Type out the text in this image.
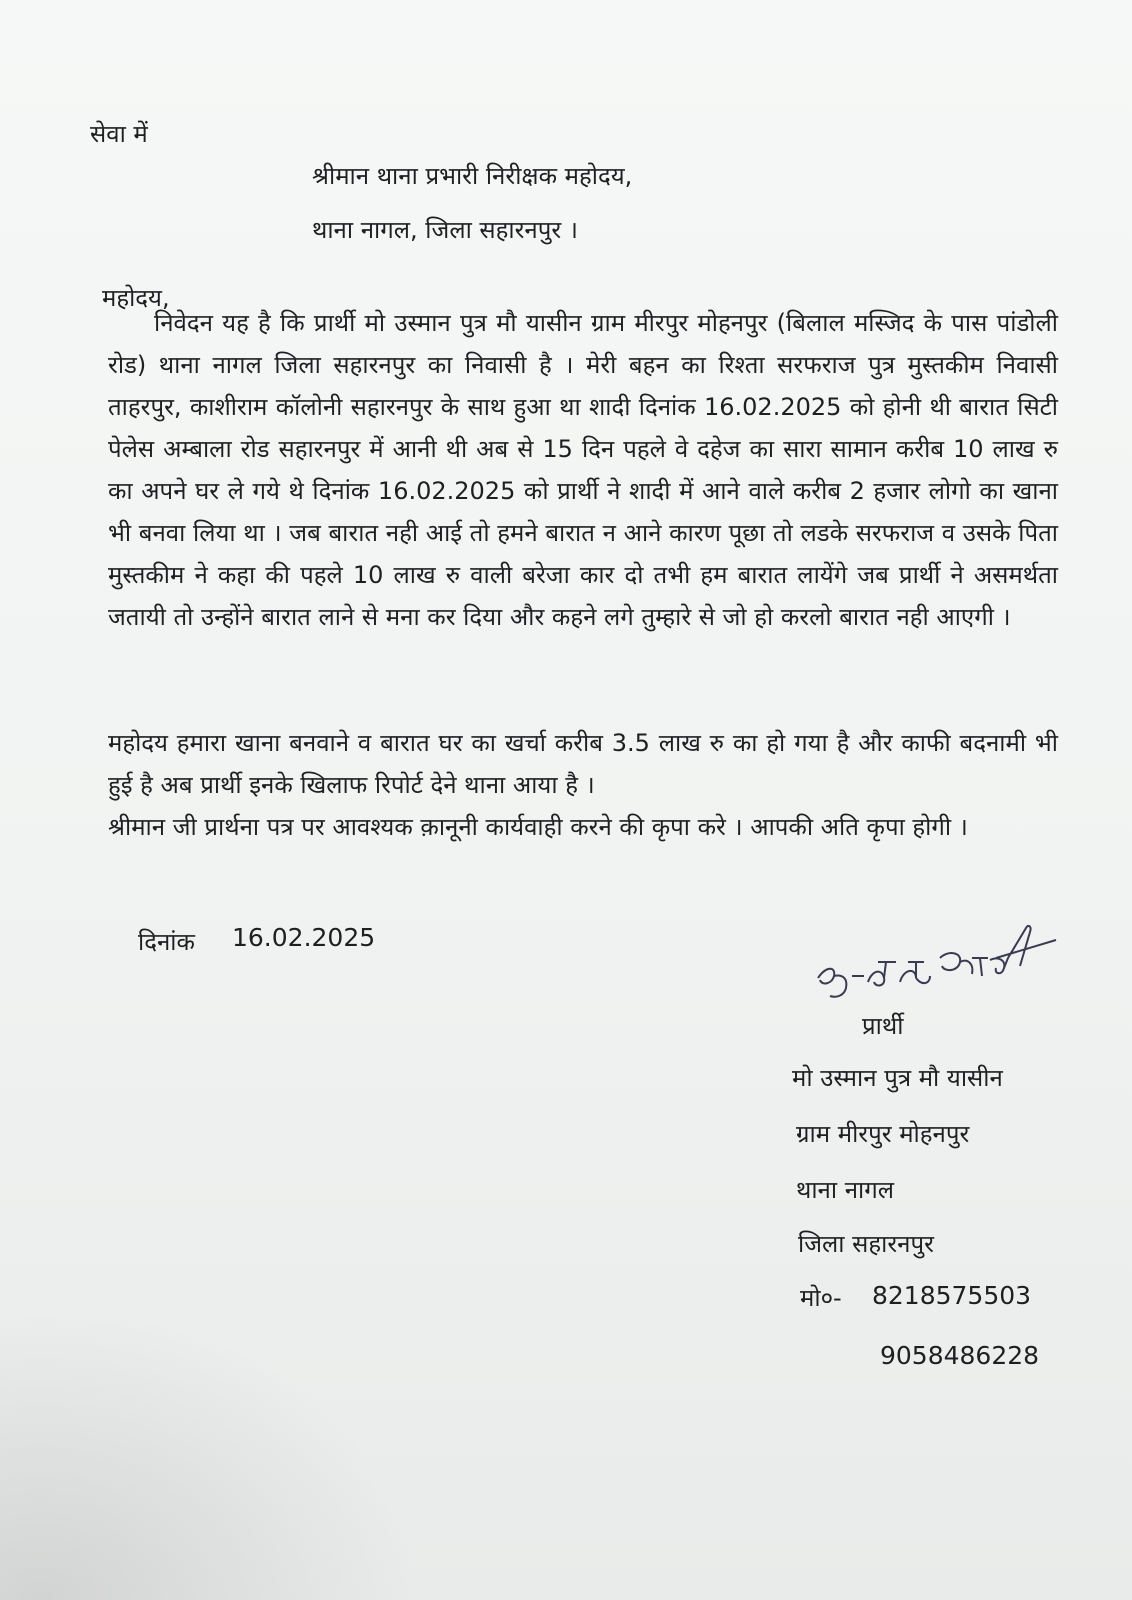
सेवा में
श्रीमान थाना प्रभारी निरीक्षक महोदय,
थाना नागल, जिला सहारनपुर ।
महोदय,

निवेदन यह है कि प्रार्थी मो उस्मान पुत्र मौ यासीन ग्राम मीरपुर मोहनपुर (बिलाल मस्जिद के पास पांडोली रोड) थाना नागल जिला सहारनपुर का निवासी है । मेरी बहन का रिश्ता सरफराज पुत्र मुस्तकीम निवासी ताहरपुर, काशीराम कॉलोनी सहारनपुर के साथ हुआ था शादी दिनांक 16.02.2025 को होनी थी बारात सिटी पेलेस अम्बाला रोड सहारनपुर में आनी थी अब से 15 दिन पहले वे दहेज का सारा सामान करीब 10 लाख रु का अपने घर ले गये थे दिनांक 16.02.2025 को प्रार्थी ने शादी में आने वाले करीब 2 हजार लोगो का खाना भी बनवा लिया था । जब बारात नही आई तो हमने बारात न आने कारण पूछा तो लडके सरफराज व उसके पिता मुस्तकीम ने कहा की पहले 10 लाख रु वाली बरेजा कार दो तभी हम बारात लायेंगे जब प्रार्थी ने असमर्थता जतायी तो उन्होंने बारात लाने से मना कर दिया और कहने लगे तुम्हारे से जो हो करलो बारात नही आएगी ।

महोदय हमारा खाना बनवाने व बारात घर का खर्चा करीब 3.5 लाख रु का हो गया है और काफी बदनामी भी हुई है अब प्रार्थी इनके खिलाफ रिपोर्ट देने थाना आया है ।

श्रीमान जी प्रार्थना पत्र पर आवश्यक क़ानूनी कार्यवाही करने की कृपा करे । आपकी अति कृपा होगी ।

दिनांक 16.02.2025
प्रार्थी
मो उस्मान पुत्र मौ यासीन
ग्राम मीरपुर मोहनपुर
थाना नागल
जिला सहारनपुर
मो०- 8218575503
9058486228
